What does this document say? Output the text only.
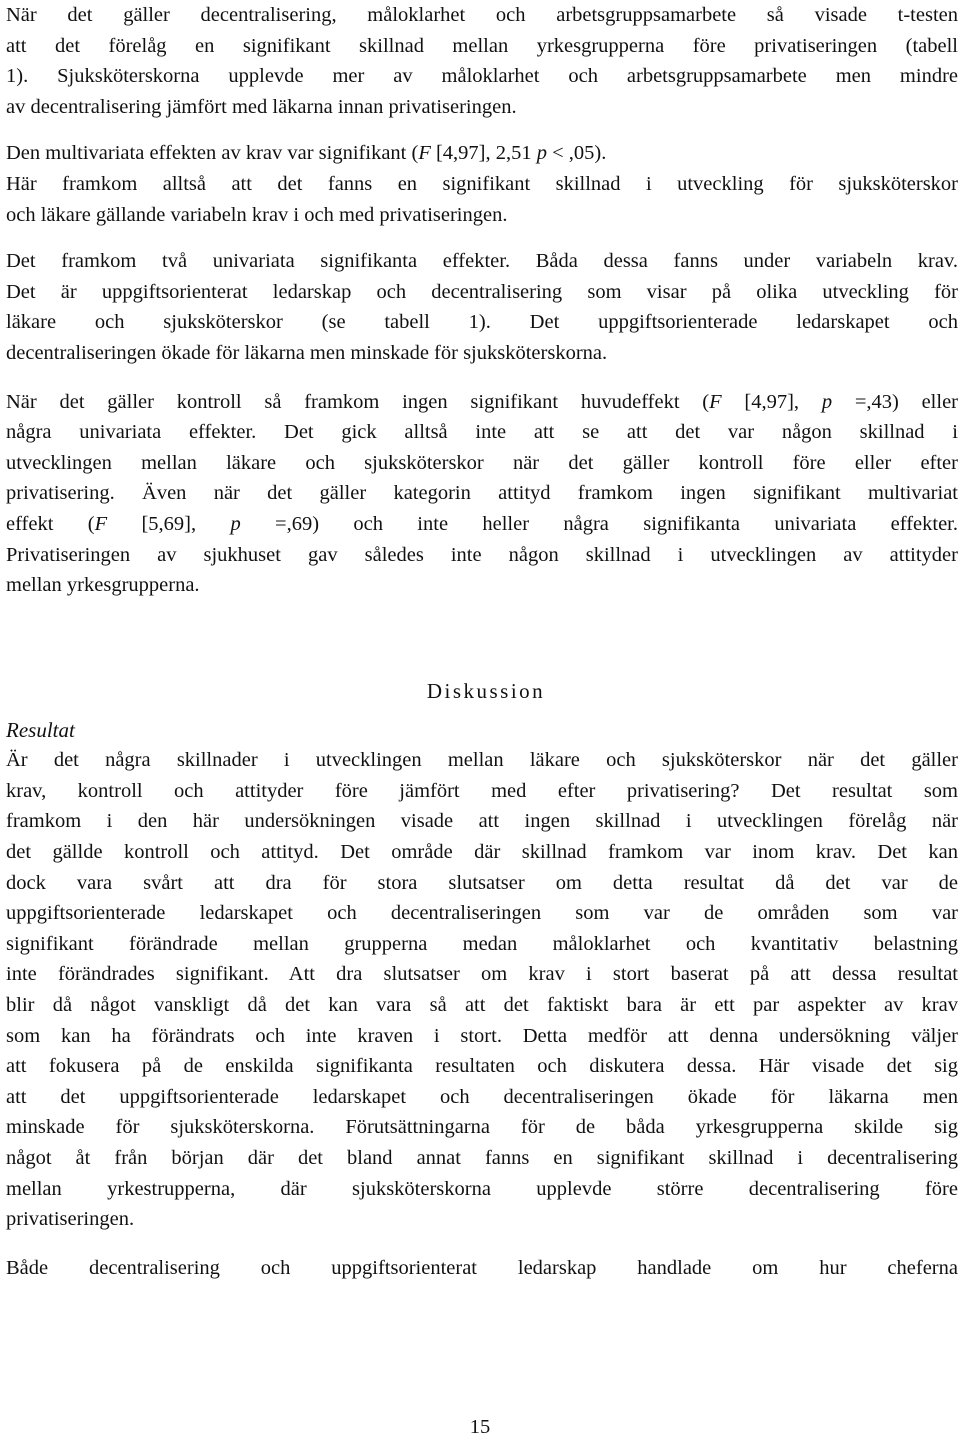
När det gäller decentralisering, måloklarhet och arbetsgruppsamarbete så visade t-testen
att det förelåg en signifikant skillnad mellan yrkesgrupperna före privatiseringen (tabell
1). Sjuksköterskorna upplevde mer av måloklarhet och arbetsgruppsamarbete men mindre
av decentralisering jämfört med läkarna innan privatiseringen.
Den multivariata effekten av krav var signifikant (F [4,97], 2,51 p < ,05).
Här framkom alltså att det fanns en signifikant skillnad i utveckling för sjuksköterskor
och läkare gällande variabeln krav i och med privatiseringen.
Det framkom två univariata signifikanta effekter. Båda dessa fanns under variabeln krav.
Det är uppgiftsorienterat ledarskap och decentralisering som visar på olika utveckling för
läkare och sjuksköterskor (se tabell 1). Det uppgiftsorienterade ledarskapet och
decentraliseringen ökade för läkarna men minskade för sjuksköterskorna.
När det gäller kontroll så framkom ingen signifikant huvudeffekt (F [4,97], p =,43) eller
några univariata effekter. Det gick alltså inte att se att det var någon skillnad i
utvecklingen mellan läkare och sjuksköterskor när det gäller kontroll före eller efter
privatisering. Även när det gäller kategorin attityd framkom ingen signifikant multivariat
effekt (F [5,69], p =,69) och inte heller några signifikanta univariata effekter.
Privatiseringen av sjukhuset gav således inte någon skillnad i utvecklingen av attityder
mellan yrkesgrupperna.
Diskussion
Resultat
Är det några skillnader i utvecklingen mellan läkare och sjuksköterskor när det gäller
krav, kontroll och attityder före jämfört med efter privatisering? Det resultat som
framkom i den här undersökningen visade att ingen skillnad i utvecklingen förelåg när
det gällde kontroll och attityd. Det område där skillnad framkom var inom krav. Det kan
dock vara svårt att dra för stora slutsatser om detta resultat då det var de
uppgiftsorienterade ledarskapet och decentraliseringen som var de områden som var
signifikant förändrade mellan grupperna medan måloklarhet och kvantitativ belastning
inte förändrades signifikant. Att dra slutsatser om krav i stort baserat på att dessa resultat
blir då något vanskligt då det kan vara så att det faktiskt bara är ett par aspekter av krav
som kan ha förändrats och inte kraven i stort. Detta medför att denna undersökning väljer
att fokusera på de enskilda signifikanta resultaten och diskutera dessa. Här visade det sig
att det uppgiftsorienterade ledarskapet och decentraliseringen ökade för läkarna men
minskade för sjuksköterskorna. Förutsättningarna för de båda yrkesgrupperna skilde sig
något åt från början där det bland annat fanns en signifikant skillnad i decentralisering
mellan yrkestrupperna, där sjuksköterskorna upplevde större decentralisering före
privatiseringen.
Både decentralisering och uppgiftsorienterat ledarskap handlade om hur cheferna
15
